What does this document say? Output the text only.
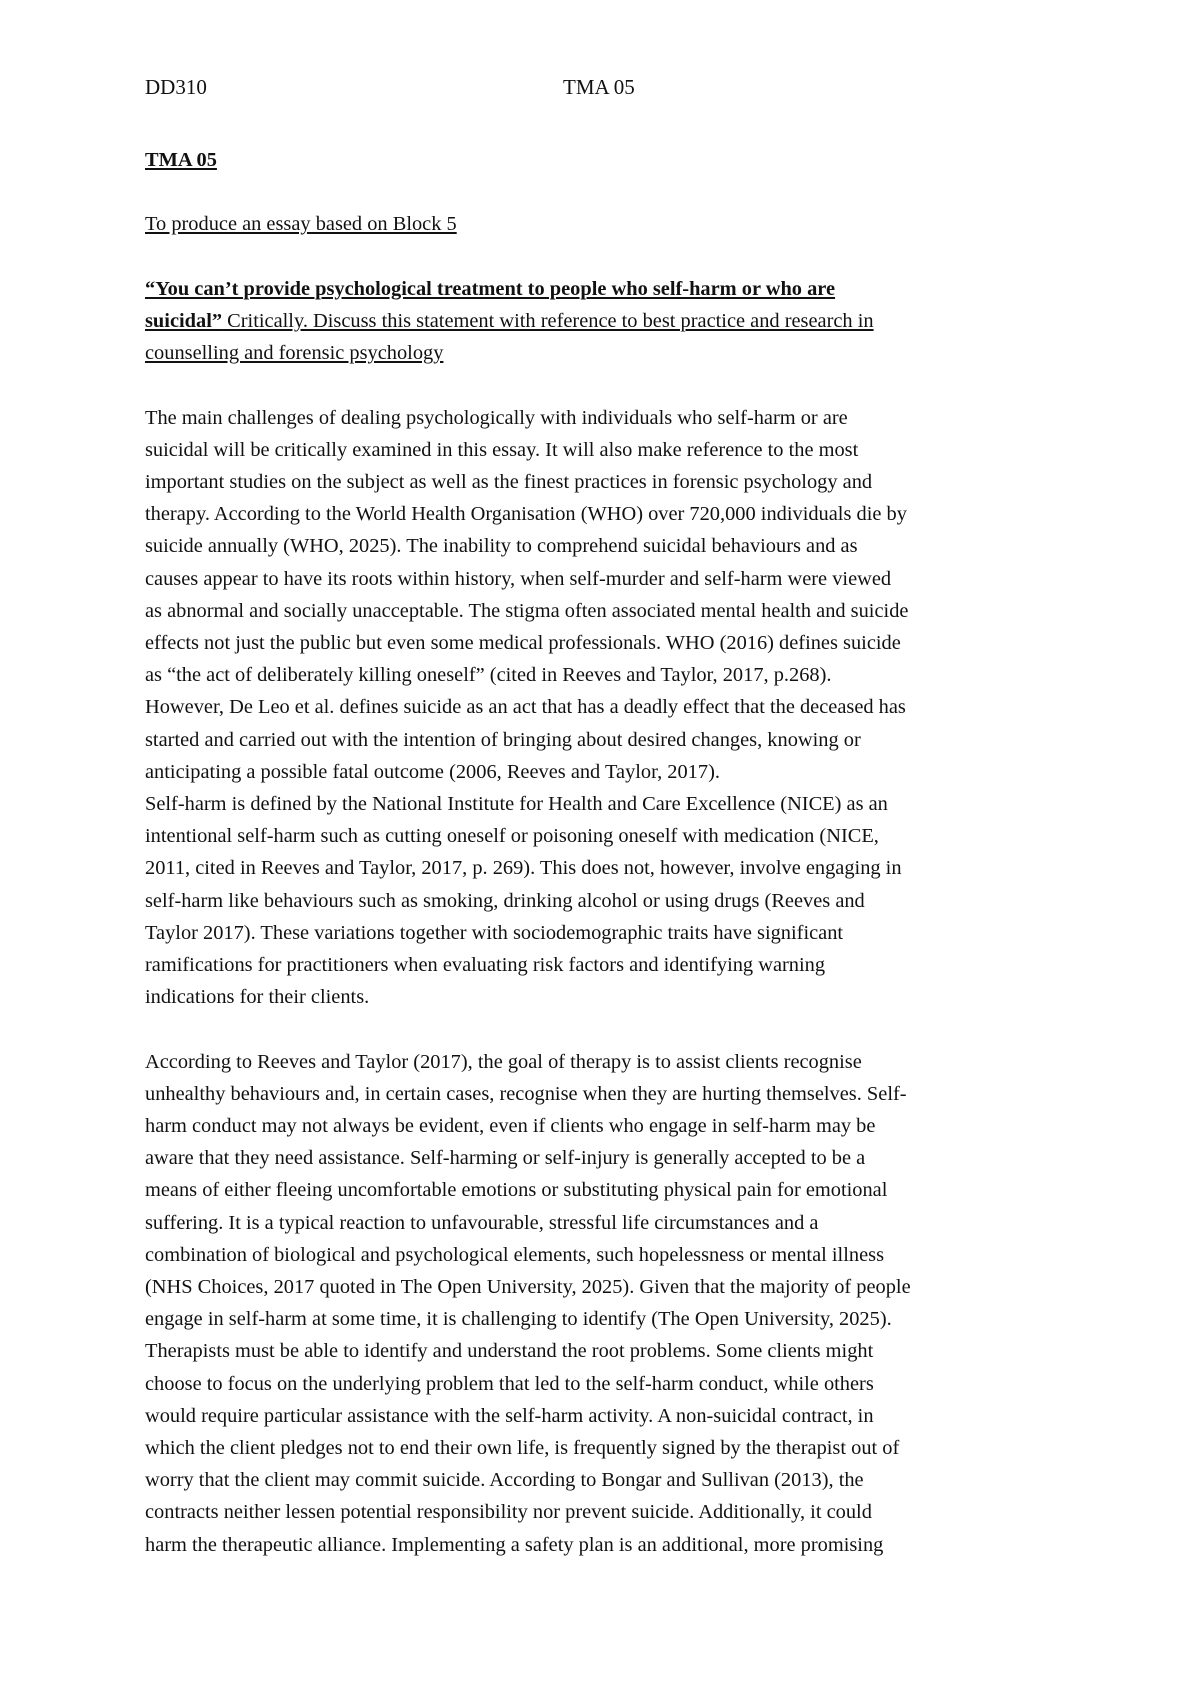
DD310	TMA 05

TMA 05

To produce an essay based on Block 5

“You can’t provide psychological treatment to people who self-harm or who are
suicidal” Critically. Discuss this statement with reference to best practice and research in
counselling and forensic psychology
The main challenges of dealing psychologically with individuals who self-harm or are
suicidal will be critically examined in this essay. It will also make reference to the most
important studies on the subject as well as the finest practices in forensic psychology and
therapy. According to the World Health Organisation (WHO) over 720,000 individuals die by
suicide annually (WHO, 2025). The inability to comprehend suicidal behaviours and as
causes appear to have its roots within history, when self-murder and self-harm were viewed
as abnormal and socially unacceptable. The stigma often associated mental health and suicide
effects not just the public but even some medical professionals. WHO (2016) defines suicide
as “the act of deliberately killing oneself” (cited in Reeves and Taylor, 2017, p.268).
However, De Leo et al. defines suicide as an act that has a deadly effect that the deceased has
started and carried out with the intention of bringing about desired changes, knowing or
anticipating a possible fatal outcome (2006, Reeves and Taylor, 2017).
Self-harm is defined by the National Institute for Health and Care Excellence (NICE) as an
intentional self-harm such as cutting oneself or poisoning oneself with medication (NICE,
2011, cited in Reeves and Taylor, 2017, p. 269). This does not, however, involve engaging in
self-harm like behaviours such as smoking, drinking alcohol or using drugs (Reeves and
Taylor 2017). These variations together with sociodemographic traits have significant
ramifications for practitioners when evaluating risk factors and identifying warning
indications for their clients.
According to Reeves and Taylor (2017), the goal of therapy is to assist clients recognise
unhealthy behaviours and, in certain cases, recognise when they are hurting themselves. Self-
harm conduct may not always be evident, even if clients who engage in self-harm may be
aware that they need assistance. Self-harming or self-injury is generally accepted to be a
means of either fleeing uncomfortable emotions or substituting physical pain for emotional
suffering. It is a typical reaction to unfavourable, stressful life circumstances and a
combination of biological and psychological elements, such hopelessness or mental illness
(NHS Choices, 2017 quoted in The Open University, 2025). Given that the majority of people
engage in self-harm at some time, it is challenging to identify (The Open University, 2025).
Therapists must be able to identify and understand the root problems. Some clients might
choose to focus on the underlying problem that led to the self-harm conduct, while others
would require particular assistance with the self-harm activity. A non-suicidal contract, in
which the client pledges not to end their own life, is frequently signed by the therapist out of
worry that the client may commit suicide. According to Bongar and Sullivan (2013), the
contracts neither lessen potential responsibility nor prevent suicide. Additionally, it could
harm the therapeutic alliance. Implementing a safety plan is an additional, more promising
